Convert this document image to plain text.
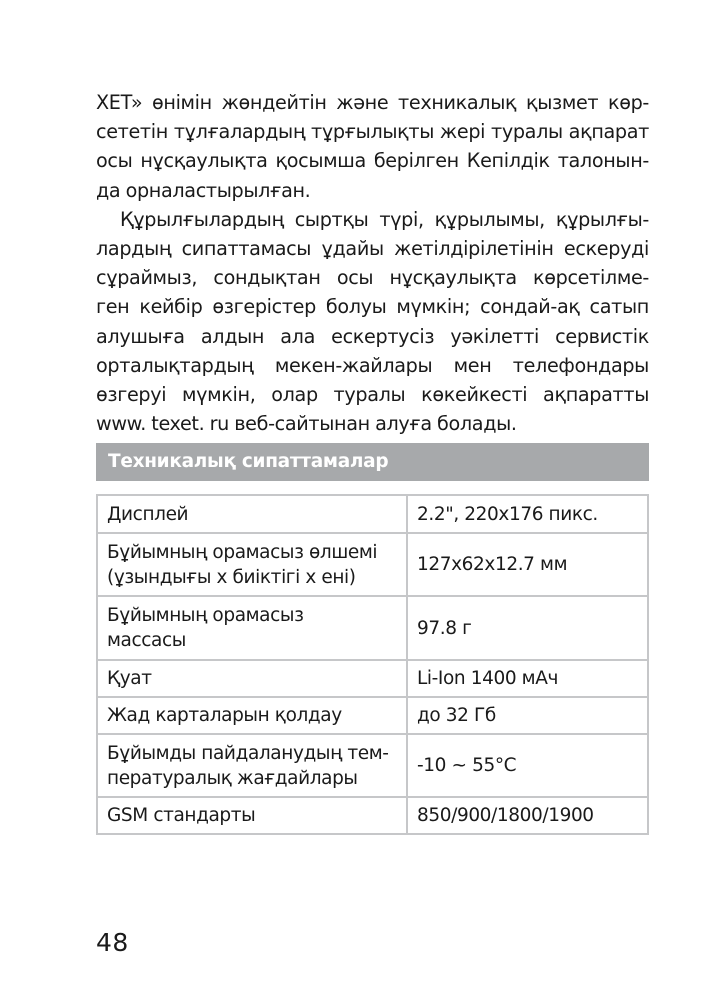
XET» өнімін жөндейтін және техникалық қызмет көр-
сететін тұлғалардың тұрғылықты жері туралы ақпарат
осы нұсқаулықта қосымша берілген Кепілдік талонын-
да орналастырылған.

Құрылғылардың сыртқы түрі, құрылымы, құрылғы-
лардың сипаттамасы ұдайы жетілдірілетінін ескеруді
сұраймыз, сондықтан осы нұсқаулықта көрсетілме-
ген кейбір өзгерістер болуы мүмкін; сондай-ақ сатып
алушыға алдын ала ескертусіз уәкілетті сервистік
орталықтардың мекен-жайлары мен телефондары
өзгеруі мүмкін, олар туралы көкейкесті ақпаратты
www. texet. ru веб-сайтынан алуға болады.

Техникалық сипаттамалар
Дисплей	2.2", 220x176 пикс.

Бұйымның орамасыз өлшемі
(ұзындығы х биіктігі х ені)	127x62x12.7 мм

Бұйымның орамасыз
массасы	97.8 г
Қуат	Li-Ion 1400 мАч
Жад карталарын қолдау	до 32 Гб

Бұйымды пайдаланудың тем-
пературалық жағдайлары	-10 ~ 55°C
GSM стандарты	850/900/1800/1900
48
